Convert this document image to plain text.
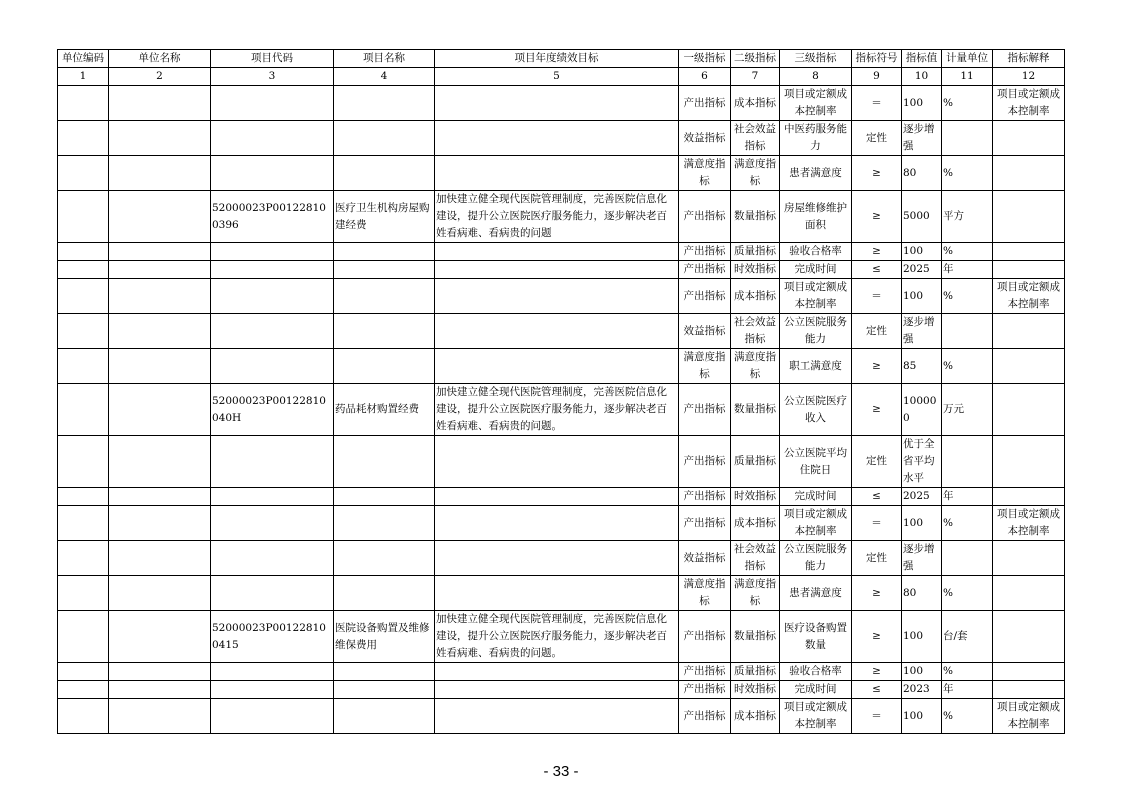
单位编码	单位名称	项目代码	项目名称	项目年度绩效目标	一级指标	二级指标	三级指标	指标符号	指标值	计量单位	指标解释
1	2	3	4	5	6	7	8	9	10	11	12
					产出指标	成本指标	项目或定额成本控制率	＝	100	%	项目或定额成本控制率
					效益指标	社会效益指标	中医药服务能力	定性	逐步增强		
					满意度指标	满意度指标	患者满意度	≥	80	%	
		52000023P001228100396	医疗卫生机构房屋购建经费	加快建立健全现代医院管理制度，完善医院信息化建设，提升公立医院医疗服务能力，逐步解决老百姓看病难、看病贵的问题	产出指标	数量指标	房屋维修维护面积	≥	5000	平方	
					产出指标	质量指标	验收合格率	≥	100	%	
					产出指标	时效指标	完成时间	≤	2025	年	
					产出指标	成本指标	项目或定额成本控制率	＝	100	%	项目或定额成本控制率
					效益指标	社会效益指标	公立医院服务能力	定性	逐步增强		
					满意度指标	满意度指标	职工满意度	≥	85	%	
		52000023P00122810040H	药品耗材购置经费	加快建立健全现代医院管理制度，完善医院信息化建设，提升公立医院医疗服务能力，逐步解决老百姓看病难、看病贵的问题。	产出指标	数量指标	公立医院医疗收入	≥	100000	万元	
					产出指标	质量指标	公立医院平均住院日	定性	优于全省平均水平		
					产出指标	时效指标	完成时间	≤	2025	年	
					产出指标	成本指标	项目或定额成本控制率	＝	100	%	项目或定额成本控制率
					效益指标	社会效益指标	公立医院服务能力	定性	逐步增强		
					满意度指标	满意度指标	患者满意度	≥	80	%	
		52000023P001228100415	医院设备购置及维修维保费用	加快建立健全现代医院管理制度，完善医院信息化建设，提升公立医院医疗服务能力，逐步解决老百姓看病难、看病贵的问题。	产出指标	数量指标	医疗设备购置数量	≥	100	台/套	
					产出指标	质量指标	验收合格率	≥	100	%	
					产出指标	时效指标	完成时间	≤	2023	年	
					产出指标	成本指标	项目或定额成本控制率	＝	100	%	项目或定额成本控制率
- 33 -
